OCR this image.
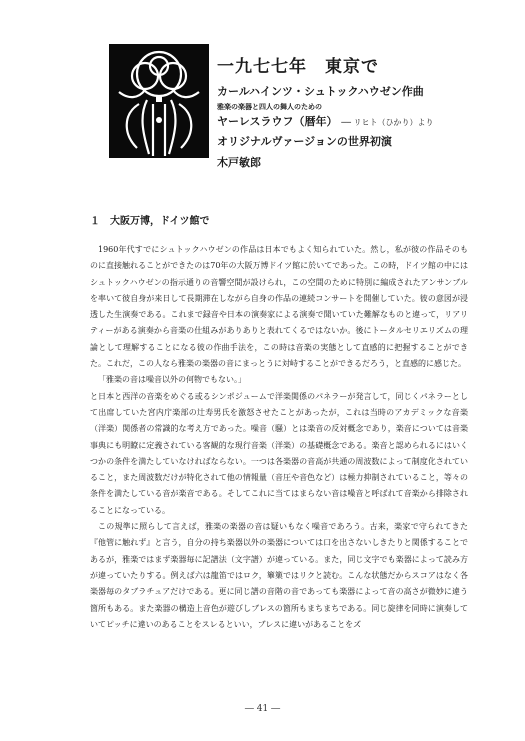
一九七七年　東京で
カールハインツ・シュトックハウゼン作曲
雅楽の楽器と四人の舞人のための
ヤーレスラウフ（暦年） ── リヒト（ひかり）より
オリジナルヴァージョンの世界初演
木戸敏郎
１　大阪万博，ドイツ館で

1960年代すでにシュトックハウゼンの作品は日本でもよく知られていた。然し，私が彼の作品そのものに直接触れることができたのは70年の大阪万博ドイツ館に於いてであった。この時，ドイツ館の中にはシュトックハウゼンの指示通りの音響空間が設けられ，この空間のために特別に編成されたアンサンブルを率いて彼自身が来日して長期滞在しながら自身の作品の連続コンサートを開催していた。彼の意図が浸透した生演奏である。これまで録音や日本の演奏家による演奏で聞いていた難解なものと違って，リアリティーがある演奏から音楽の仕組みがありありと表れてくるではないか。後にトータルセリエリズムの理論として理解することになる彼の作曲手法を，この時は音楽の実態として直感的に把握することができた。これだ，この人なら雅楽の楽器の音にまっとうに対峙することができるだろう，と直感的に感じた。

「雅楽の音は噪音以外の何物でもない。」

と日本と西洋の音楽をめぐる或るシンポジュームで洋楽関係のパネラーが発言して，同じくパネラーとして出席していた宮内庁楽部の辻寿男氏を激怒させたことがあったが，これは当時のアカデミックな音楽（洋楽）関係者の常識的な考え方であった。噪音（騒）とは楽音の反対概念であり，楽音については音楽事典にも明瞭に定義されている客観的な現行音楽（洋楽）の基礎概念である。楽音と認められるにはいくつかの条件を満たしていなければならない。一つは各楽器の音高が共通の周波数によって制度化されていること，また周波数だけが特化されて他の情報量（音圧や音色など）は極力抑制されていること，等々の条件を満たしている音が楽音である。そしてこれに当てはまらない音は噪音と呼ばれて音楽から排除されることになっている。

この規準に照らして言えば，雅楽の楽器の音は疑いもなく噪音であろう。古来，楽家で守られてきた『他管に触れず』と言う，自分の持ち楽器以外の楽器については口を出さないしきたりと関係することであるが，雅楽ではまず楽器毎に記譜法（文字譜）が違っている。また，同じ文字でも楽器によって読み方が違っていたりする。例えば六は龍笛ではロク，篳篥ではリクと読む。こんな状態だからスコアはなく各楽器毎のタブラチュアだけである。更に同じ譜の音階の音であっても楽器によって音の高さが微妙に違う箇所もある。また楽器の構造上音色が遊びしブレスの箇所もまちまちである。同じ旋律を同時に演奏していてピッチに違いのあることをスレるといい，ブレスに違いがあることをズ

― 41 ―
